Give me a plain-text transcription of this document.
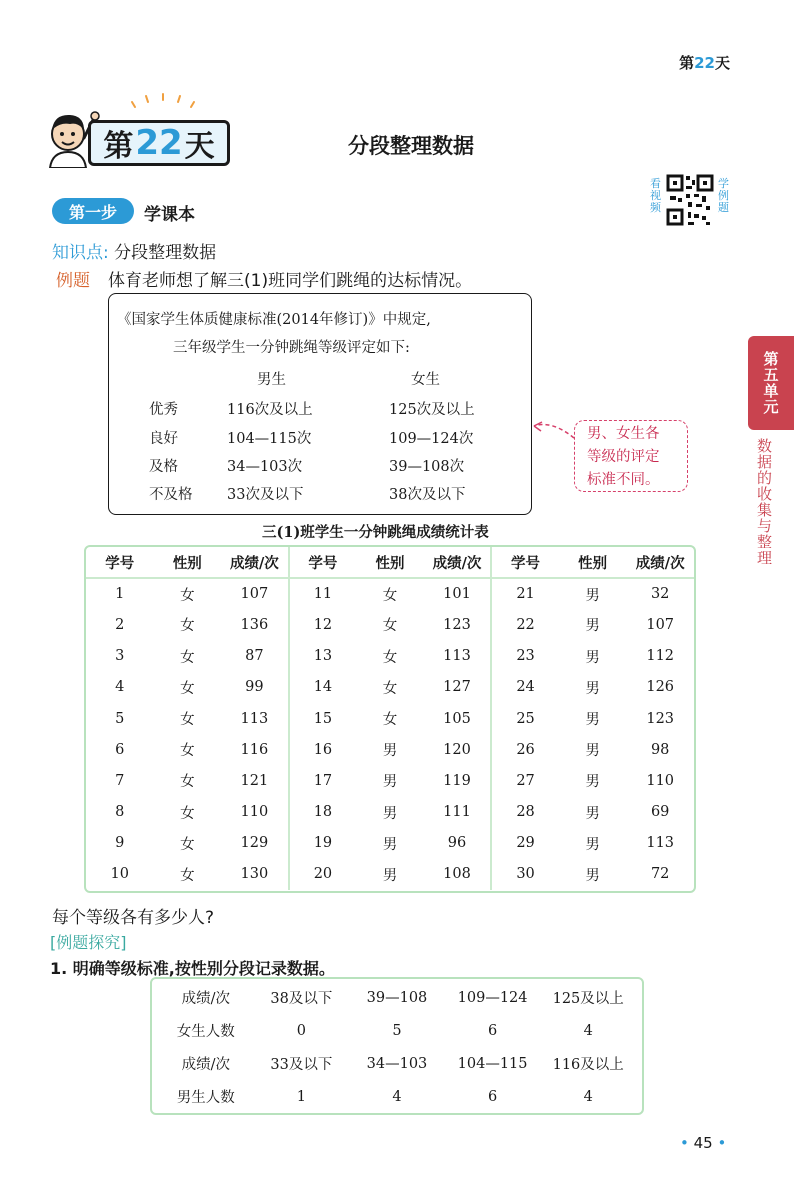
第22天
第 22 天	分段整理数据
第一步	学课本
看视频
学例题
知识点: 分段整理数据
例题 体育老师想了解三(1)班同学们跳绳的达标情况。
《国家学生体质健康标准(2014年修订)》中规定,
三年级学生一分钟跳绳等级评定如下:
男生	女生
优秀	116次及以上	125次及以上
良好	104—115次	109—124次
及格	34—103次	39—108次
不及格 33次及以下	38次及以下
男、女生各
等级的评定
标准不同。
第五单元
数据的收集与整理
三(1)班学生一分钟跳绳成绩统计表
学号	性别	成绩/次	学号	性别	成绩/次	学号	性别	成绩/次
1	女	107	11	女	101	21	男	32
2	女	136	12	女	123	22	男	107
3	女	87	13	女	113	23	男	112
4	女	99	14	女	127	24	男	126
5	女	113	15	女	105	25	男	123
6	女	116	16	男	120	26	男	98
7	女	121	17	男	119	27	男	110
8	女	110	18	男	111	28	男	69
9	女	129	19	男	96	29	男	113
10	女	130	20	男	108	30	男	72
每个等级各有多少人?
[例题探究]
1. 明确等级标准,按性别分段记录数据。
成绩/次	38及以下	39—108	109—124	125及以上
女生人数	0	5	6	4
成绩/次	33及以下	34—103	104—115	116及以上
男生人数	1	4	6	4
• 45 •
